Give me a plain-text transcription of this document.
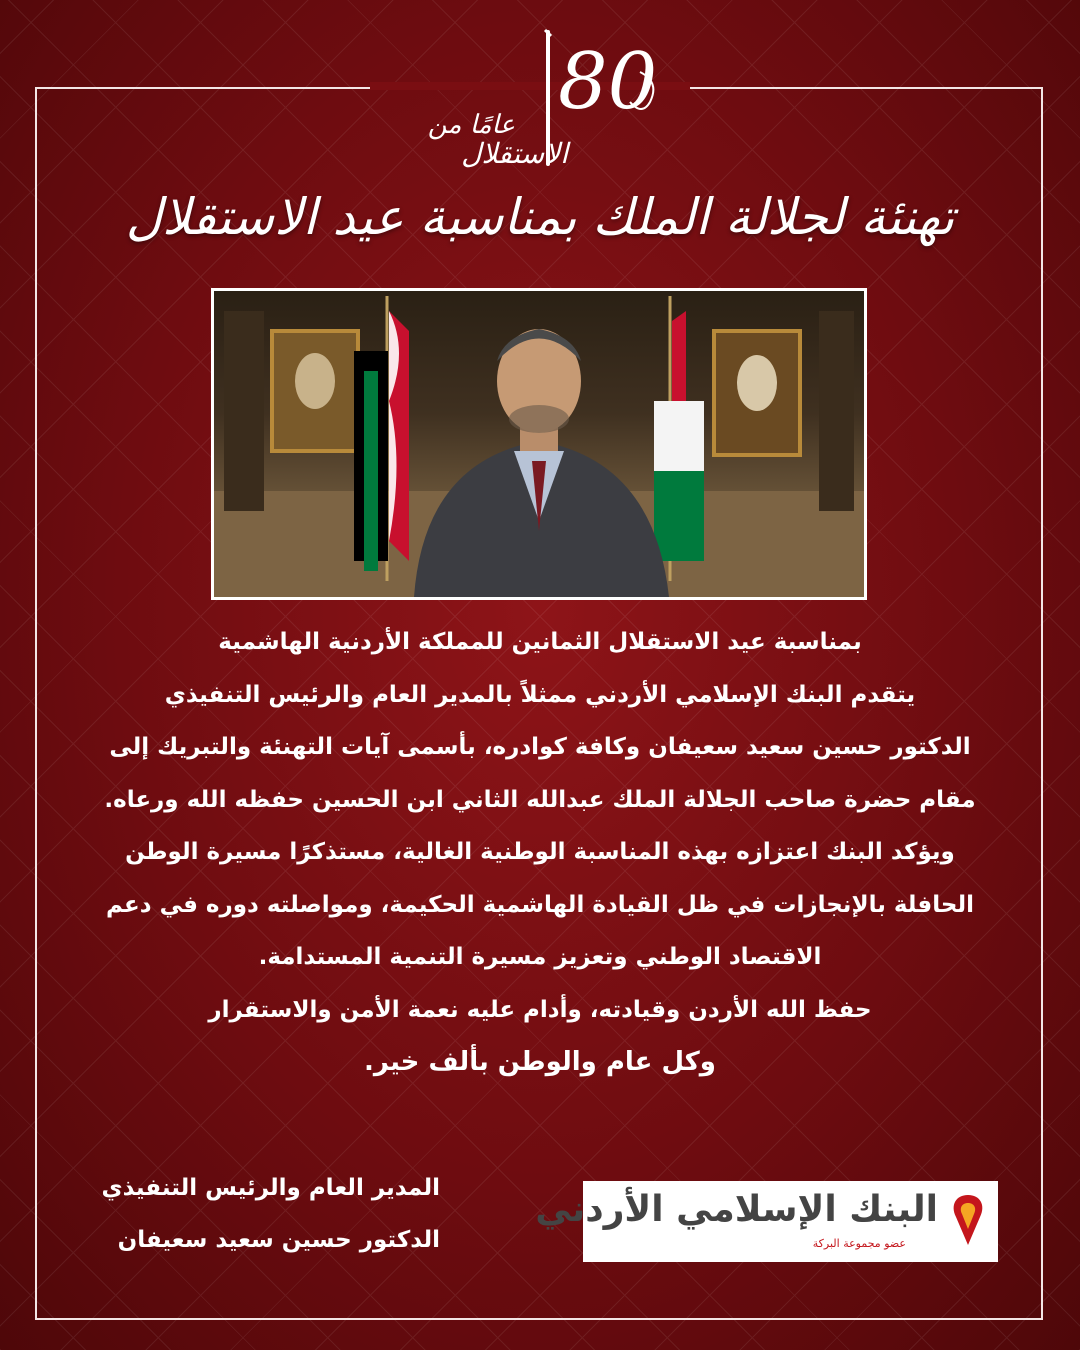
80
عامًا من
الاستقلال
تهنئة لجلالة الملك بمناسبة عيد الاستقلال
بمناسبة عيد الاستقلال الثمانين للمملكة الأردنية الهاشمية
يتقدم البنك الإسلامي الأردني ممثلاً بالمدير العام والرئيس التنفيذي
الدكتور حسين سعيد سعيفان وكافة كوادره، بأسمى آيات التهنئة والتبريك إلى
مقام حضرة صاحب الجلالة الملك عبدالله الثاني ابن الحسين حفظه الله ورعاه.
ويؤكد البنك اعتزازه بهذه المناسبة الوطنية الغالية، مستذكرًا مسيرة الوطن
الحافلة بالإنجازات في ظل القيادة الهاشمية الحكيمة، ومواصلته دوره في دعم
الاقتصاد الوطني وتعزيز مسيرة التنمية المستدامة.
حفظ الله الأردن وقيادته، وأدام عليه نعمة الأمن والاستقرار
وكل عام والوطن بألف خير.
المدير العام والرئيس التنفيذي
الدكتور حسين سعيد سعيفان
البنك الإسلامي الأردني
عضو مجموعة البركة
